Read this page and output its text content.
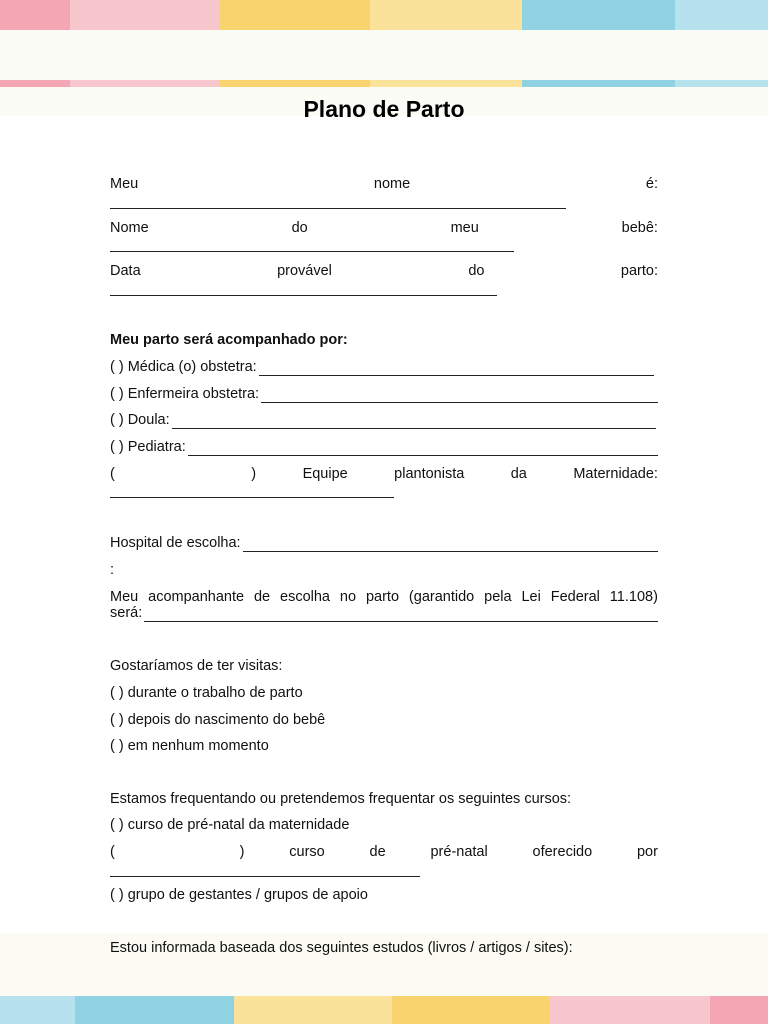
Plano de Parto
Meu	nome	é:
Nome	do	meu	bebê:
Data	provável	do	parto:
Meu parto será acompanhado por:
( ) Médica (o) obstetra:
( ) Enfermeira obstetra:
( ) Doula:
( ) Pediatra:
(	)	Equipe	plantonista	da	Maternidade:
Hospital de escolha:
:
Meu acompanhante de escolha no parto (garantido pela Lei Federal 11.108)
será:
Gostaríamos de ter visitas:
( ) durante o trabalho de parto
( ) depois do nascimento do bebê
( ) em nenhum momento
Estamos frequentando ou pretendemos frequentar os seguintes cursos:
( ) curso de pré-natal da maternidade
(	)	curso	de	pré-natal	oferecido	por
( ) grupo de gestantes / grupos de apoio
Estou informada baseada dos seguintes estudos (livros / artigos / sites):
